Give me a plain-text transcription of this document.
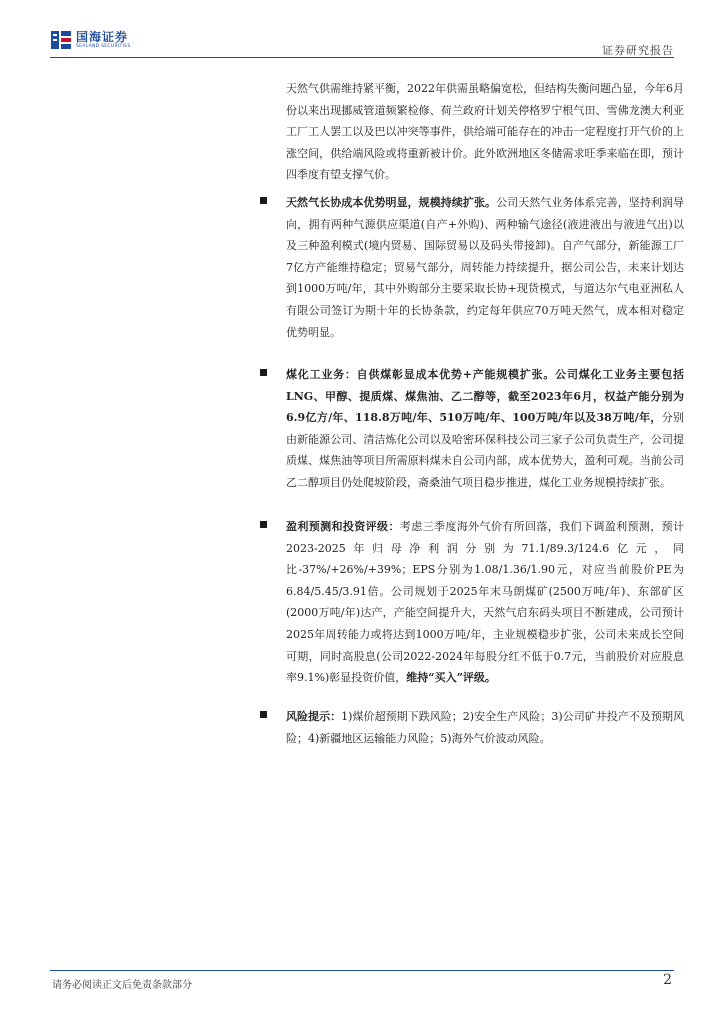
国海证券
SEALAND SECURITIES	证券研究报告

天然气供需维持紧平衡，2022年供需虽略偏宽松，但结构失衡问题凸显，今年6月份以来出现挪威管道频繁检修、荷兰政府计划关停格罗宁根气田、雪佛龙澳大利亚工厂工人罢工以及巴以冲突等事件，供给端可能存在的冲击一定程度打开气价的上涨空间，供给端风险或将重新被计价。此外欧洲地区冬储需求旺季来临在即，预计四季度有望支撑气价。

天然气长协成本优势明显，规模持续扩张。公司天然气业务体系完善，坚持利润导向，拥有两种气源供应渠道(自产+外购)、两种输气途径(液进液出与液进气出)以及三种盈利模式(境内贸易、国际贸易以及码头带接卸)。自产气部分，新能源工厂7亿方产能维持稳定；贸易气部分，周转能力持续提升，据公司公告，未来计划达到1000万吨/年，其中外购部分主要采取长协+现货模式，与道达尔气电亚洲私人有限公司签订为期十年的长协条款，约定每年供应70万吨天然气，成本相对稳定优势明显。

煤化工业务：自供煤彰显成本优势+产能规模扩张。公司煤化工业务主要包括LNG、甲醇、提质煤、煤焦油、乙二醇等，截至2023年6月，权益产能分别为6.9亿方/年、118.8万吨/年、510万吨/年、100万吨/年以及38万吨/年，分别由新能源公司、清洁炼化公司以及哈密环保科技公司三家子公司负责生产，公司提质煤、煤焦油等项目所需原料煤未自公司内部，成本优势大，盈利可观。当前公司乙二醇项目仍处爬坡阶段，斋桑油气项目稳步推进，煤化工业务规模持续扩张。

盈利预测和投资评级：考虑三季度海外气价有所回落，我们下调盈利预测，预计2023-2025年归母净利润分别为71.1/89.3/124.6亿元，同比-37%/+26%/+39%；EPS分别为1.08/1.36/1.90元，对应当前股价PE为6.84/5.45/3.91倍。公司规划于2025年末马朗煤矿(2500万吨/年)、东部矿区(2000万吨/年)达产，产能空间提升大，天然气启东码头项目不断建成，公司预计2025年周转能力或将达到1000万吨/年，主业规模稳步扩张，公司未来成长空间可期，同时高股息(公司2022-2024年每股分红不低于0.7元，当前股价对应股息率9.1%)彰显投资价值，维持“买入”评级。

风险提示：1)煤价超预期下跌风险；2)安全生产风险；3)公司矿井投产不及预期风险；4)新疆地区运输能力风险；5)海外气价波动风险。

请务必阅读正文后免责条款部分	2
